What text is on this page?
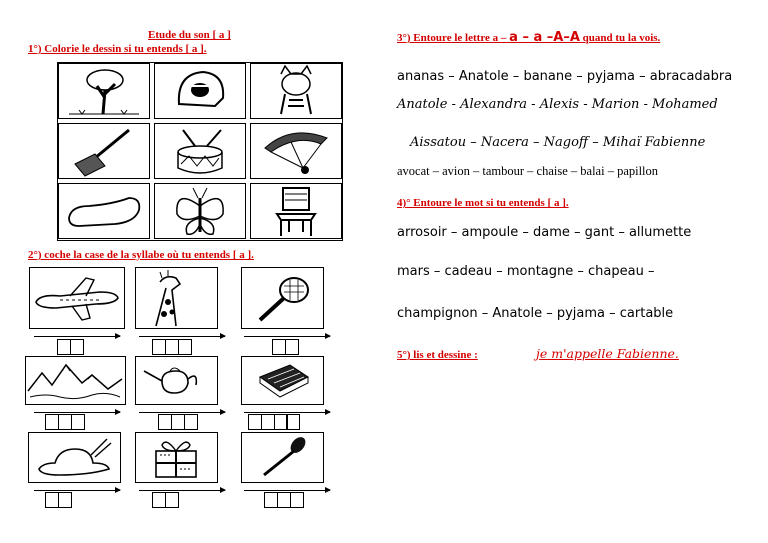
Etude du son [ a ]
1°) Colorie le dessin si tu entends [ a ].
2°) coche la case de la syllabe où tu entends [ a ].
3°) Entoure le lettre a – a – a –A–A quand tu la vois.
ananas – Anatole – banane – pyjama – abracadabra
Anatole - Alexandra - Alexis - Marion - Mohamed
Aissatou – Nacera – Nagoff – Mihaï Fabienne
avocat – avion – tambour – chaise – balai – papillon
4)° Entoure le mot si tu entends [ a ].
arrosoir – ampoule – dame – gant – allumette
mars – cadeau – montagne – chapeau –
champignon – Anatole – pyjama – cartable
5°) lis et dessine :	je m'appelle Fabienne.
